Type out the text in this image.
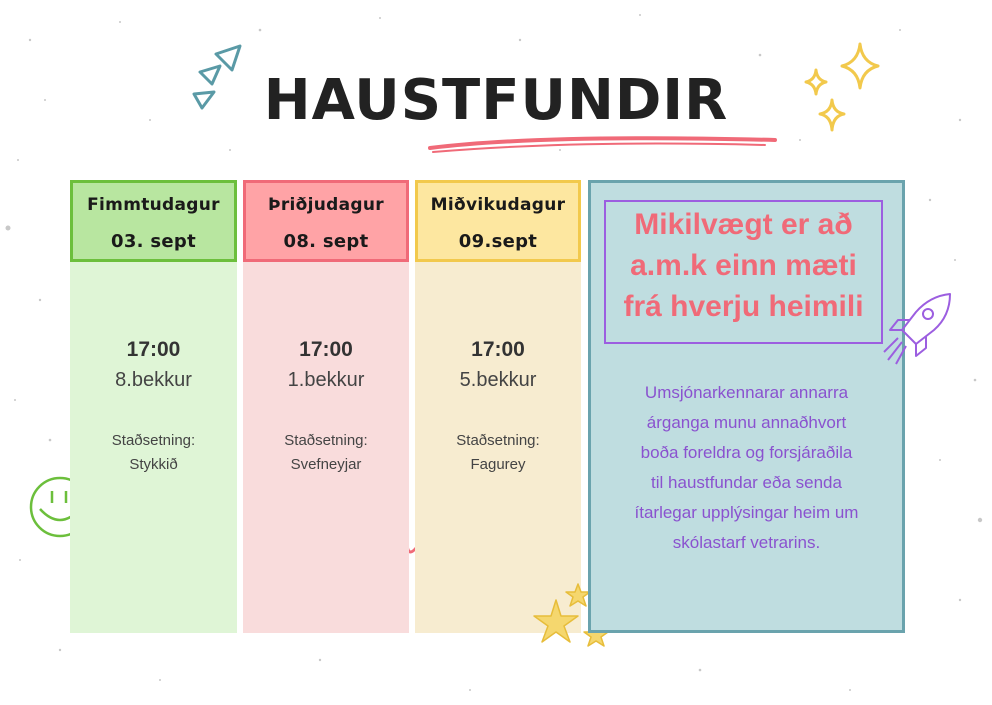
HAUSTFUNDIR
Fimmtudagur
03. sept
17:00
8.bekkur
Staðsetning:
Stykkið
Þriðjudagur
08. sept
17:00
1.bekkur
Staðsetning:
Svefneyjar
Miðvikudagur
09.sept
17:00
5.bekkur
Staðsetning:
Fagurey
Mikilvægt er að
a.m.k einn mæti
frá hverju heimili
Umsjónarkennarar annarra
árganga munu annaðhvort
boða foreldra og forsjáraðila
til haustfundar eða senda
ítarlegar upplýsingar heim um
skólastarf vetrarins.
